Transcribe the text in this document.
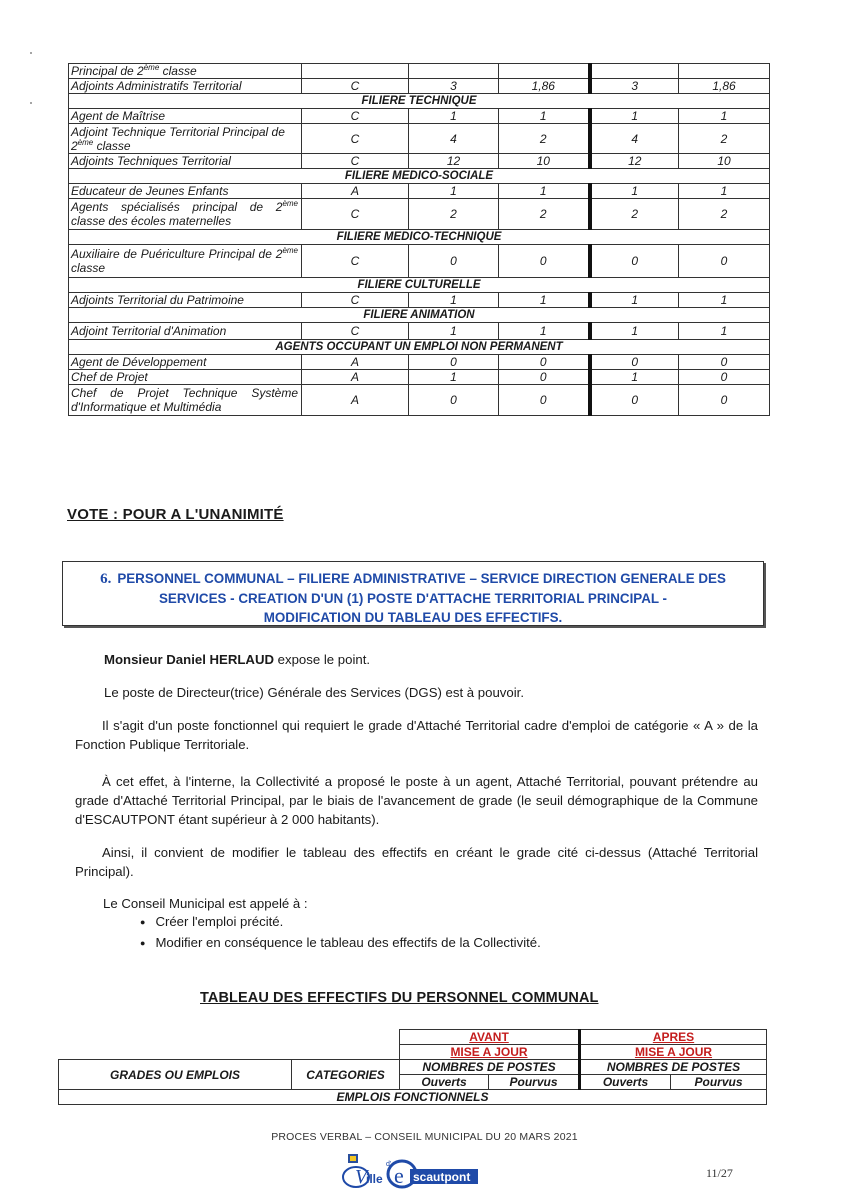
Principal de 2ème classe					
Adjoints Administratifs Territorial	C	3	1,86	3	1,86
FILIERE TECHNIQUE					
Agent de Maîtrise	C	1	1	1	1
Adjoint Technique Territorial Principal de 2ème classe	C	4	2	4	2
Adjoints Techniques Territorial	C	12	10	12	10
FILIERE MEDICO-SOCIALE					
Educateur de Jeunes Enfants	A	1	1	1	1
Agents spécialisés principal de 2ème classe des écoles maternelles	C	2	2	2	2
FILIERE MEDICO-TECHNIQUE					
Auxiliaire de Puériculture Principal de 2ème classe	C	0	0	0	0
FILIERE CULTURELLE					
Adjoints Territorial du Patrimoine	C	1	1	1	1
FILIERE ANIMATION					
Adjoint Territorial d'Animation	C	1	1	1	1
AGENTS OCCUPANT UN EMPLOI NON PERMANENT					
Agent de Développement	A	0	0	0	0
Chef de Projet	A	1	0	1	0
Chef de Projet Technique Système d'Informatique et Multimédia	A	0	0	0	0

VOTE : POUR A L'UNANIMITÉ

6. PERSONNEL COMMUNAL – FILIERE ADMINISTRATIVE – SERVICE DIRECTION GENERALE DES
SERVICES - CREATION D'UN (1) POSTE D'ATTACHE TERRITORIAL PRINCIPAL -
MODIFICATION DU TABLEAU DES EFFECTIFS.

Monsieur Daniel HERLAUD expose le point.

Le poste de Directeur(trice) Générale des Services (DGS) est à pouvoir.

Il s'agit d'un poste fonctionnel qui requiert le grade d'Attaché Territorial cadre d'emploi de catégorie « A » de la Fonction Publique Territoriale.

À cet effet, à l'interne, la Collectivité a proposé le poste à un agent, Attaché Territorial, pouvant prétendre au grade d'Attaché Territorial Principal, par le biais de l'avancement de grade (le seuil démographique de la Commune d'ESCAUTPONT étant supérieur à 2 000 habitants).

Ainsi, il convient de modifier le tableau des effectifs en créant le grade cité ci-dessus (Attaché Territorial Principal).

Le Conseil Municipal est appelé à :

● Créer l'emploi précité.
● Modifier en conséquence le tableau des effectifs de la Collectivité.

TABLEAU DES EFFECTIFS DU PERSONNEL COMMUNAL

		AVANT		APRES	
		MISE A JOUR		MISE A JOUR	
GRADES OU EMPLOIS	CATEGORIES	NOMBRES DE POSTES		NOMBRES DE POSTES	
		Ouverts	Pourvus	Ouverts	Pourvus
EMPLOIS FONCTIONNELS					
PROCES VERBAL – CONSEIL MUNICIPAL DU 20 MARS 2021
V
ille
d' e scautpont	11/27
